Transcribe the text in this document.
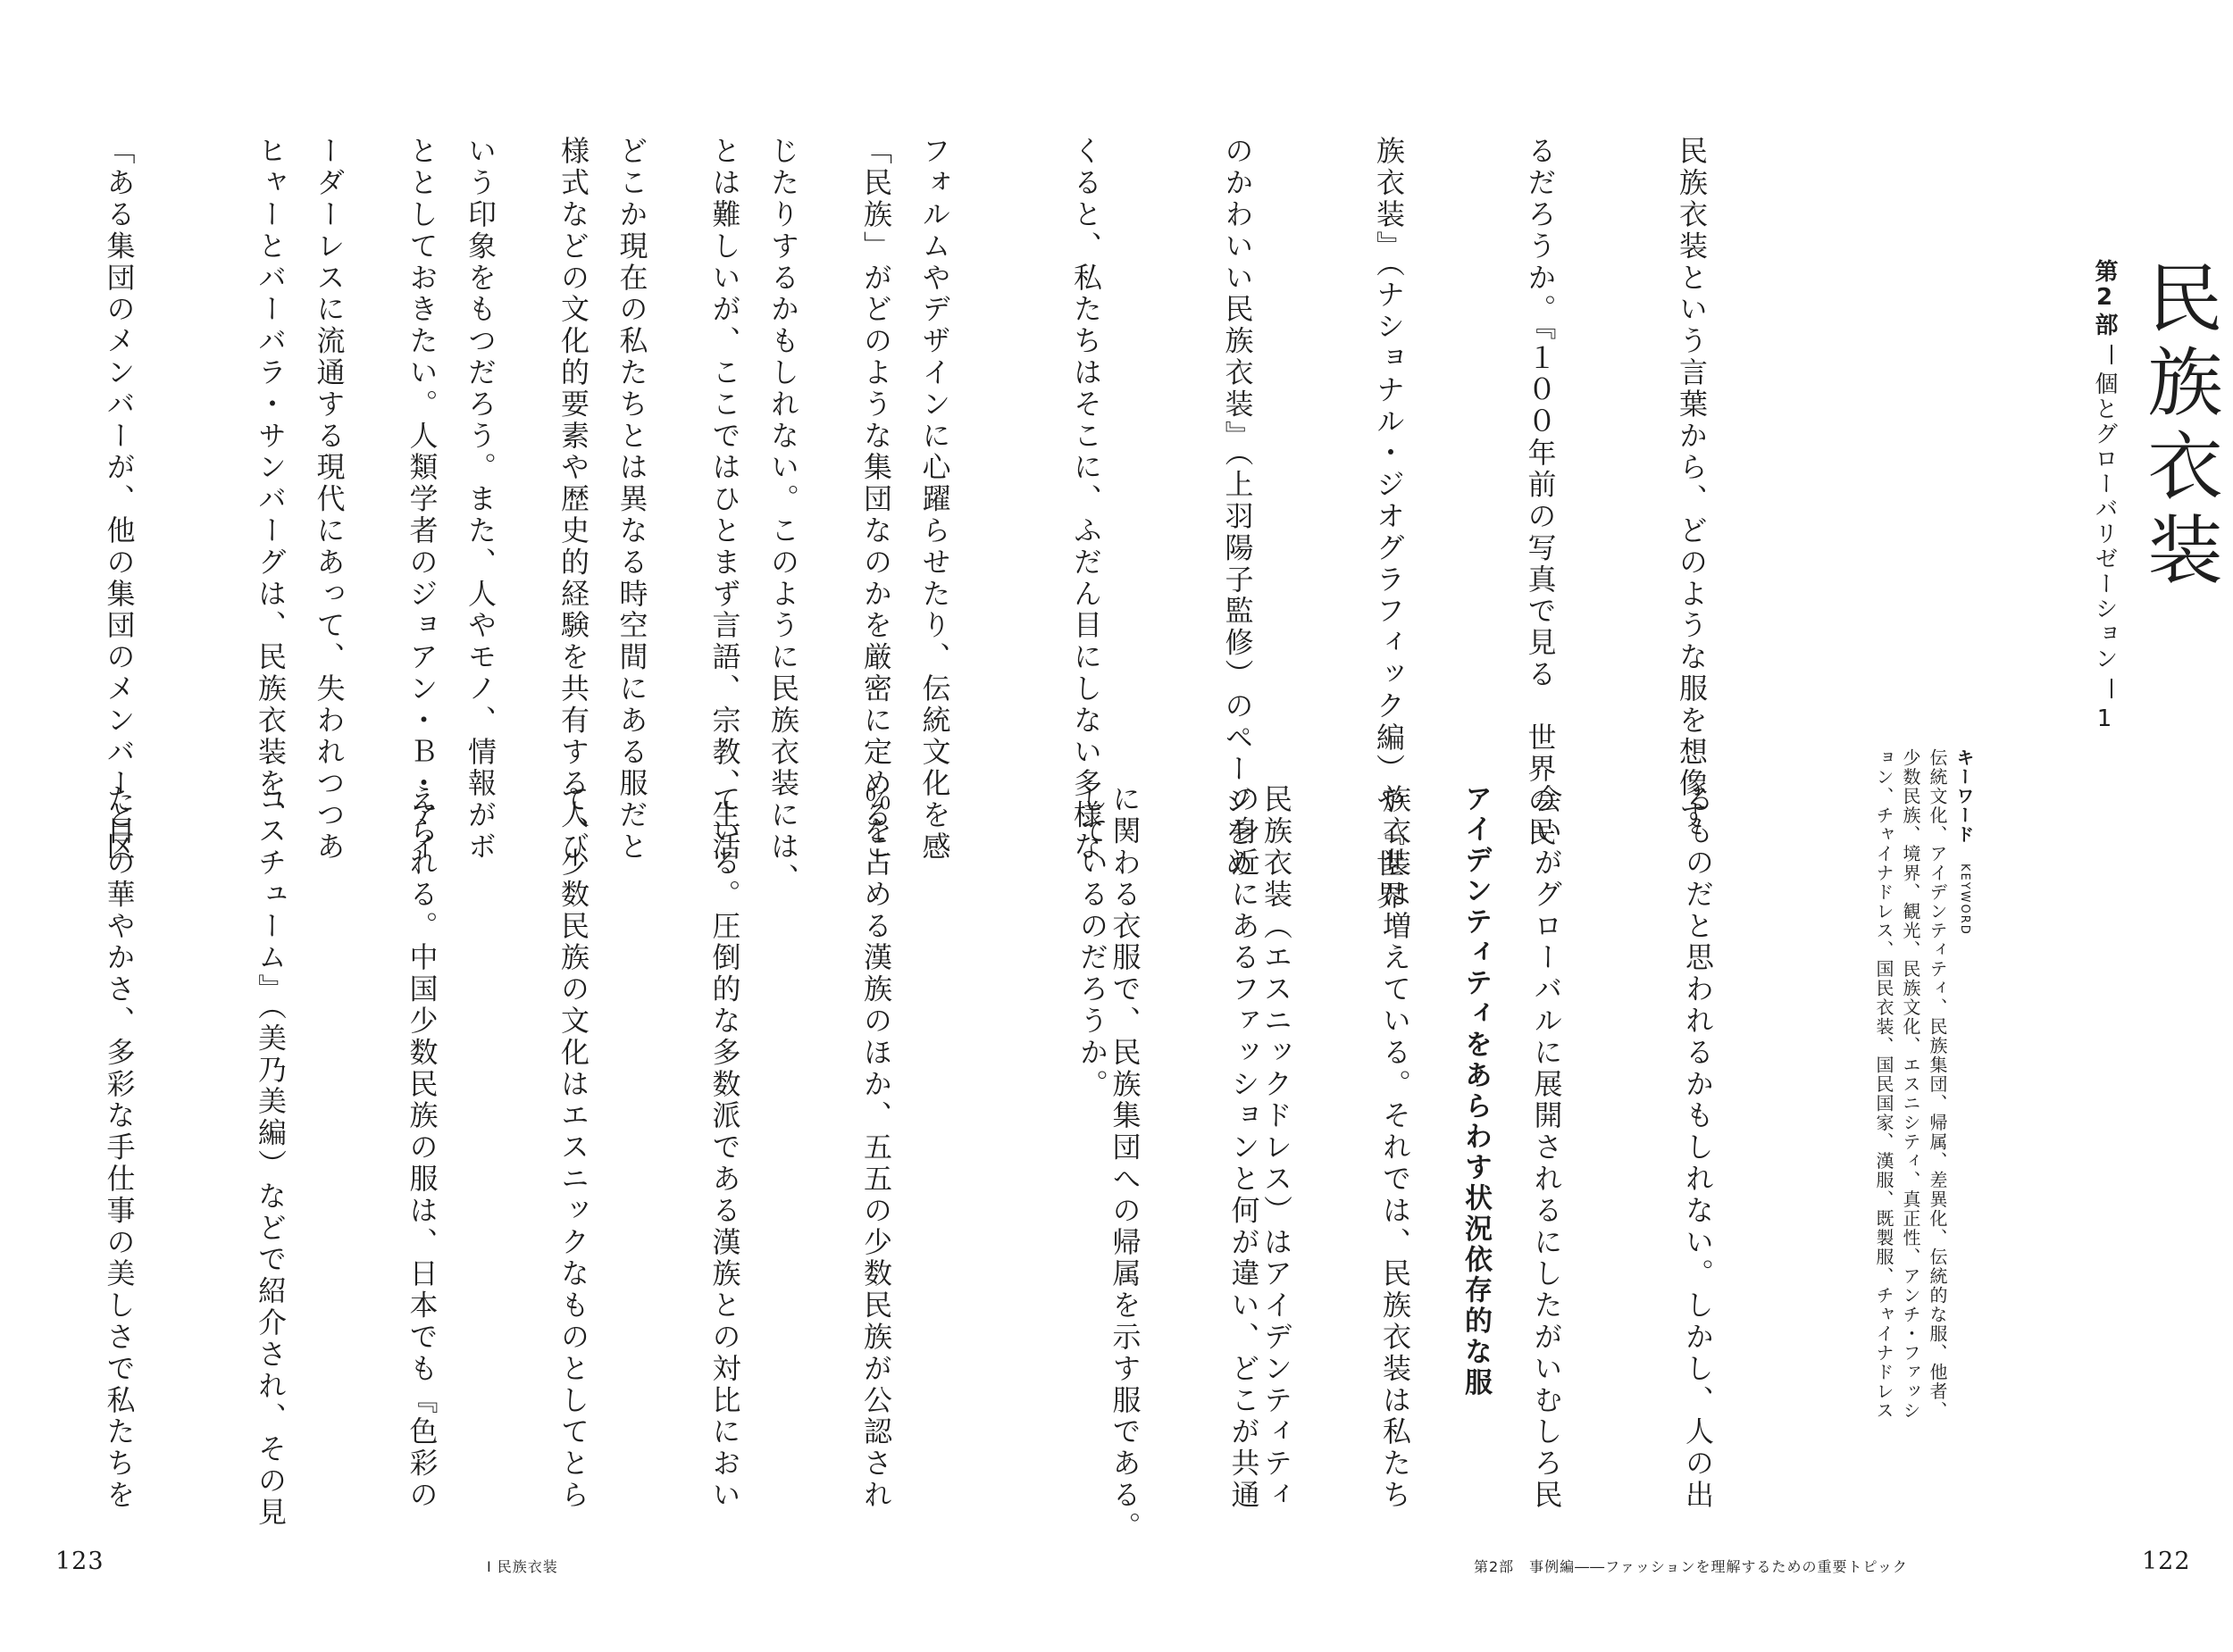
「民族」がどのような集団なのかを厳密に定めるこ

とは難しいが、ここではひとまず言語、宗教、生活

様式などの文化的要素や歴史的経験を共有する人び

ととしておきたい。人類学者のジョアン・Ｂ・アイ

ヒャーとバーバラ・サンバーグは、民族衣装を、

「ある集団のメンバーが、他の集団のメンバーと区

％を占める漢族のほか、五五の少数民族が公認され

ている。圧倒的な多数派である漢族との対比におい

て、少数民族の文化はエスニックなものとしてとら

えられる。中国少数民族の服は、日本でも『色彩の

コスチューム』（美乃美編）などで紹介され、その見

た目の華やかさ、多彩な手仕事の美しさで私たちを

123	Ⅰ 民族衣装
民族衣装
第2部個とグローバリゼーション1
キーワード　KEYWORD
伝統文化、アイデンティティ、民族集団、帰属、差異化、伝統的な服、他者、
少数民族、境界、観光、民族文化、エスニシティ、真正性、アンチ・ファッシ
ョン、チャイナドレス、国民衣装、国民国家、漢服、既製服、チャイナドレス

民族衣装という言葉から、どのような服を想像す

るだろうか。『１００年前の写真で見る　世界の民

族衣装』（ナショナル・ジオグラフィック編）や『世界

のかわいい民族衣装』（上羽陽子監修）のページをめ

くると、私たちはそこに、ふだん目にしない多様な

フォルムやデザインに心躍らせたり、伝統文化を感

じたりするかもしれない。このように民族衣装には、

どこか現在の私たちとは異なる時空間にある服だと

いう印象をもつだろう。また、人やモノ、情報がボ

ーダーレスに流通する現代にあって、失われつつあ

るものだと思われるかもしれない。しかし、人の出

会いがグローバルに展開されるにしたがいむしろ民

族衣装は増えている。それでは、民族衣装は私たち

の身近にあるファッションと何が違い、どこが共通

しているのだろうか。

	アイデンティティをあらわす状況依存的な服

民族衣装（エスニックドレス）はアイデンティティ

に関わる衣服で、民族集団への帰属を示す服である。

第2部　事例編――ファッションを理解するための重要トピック	122
